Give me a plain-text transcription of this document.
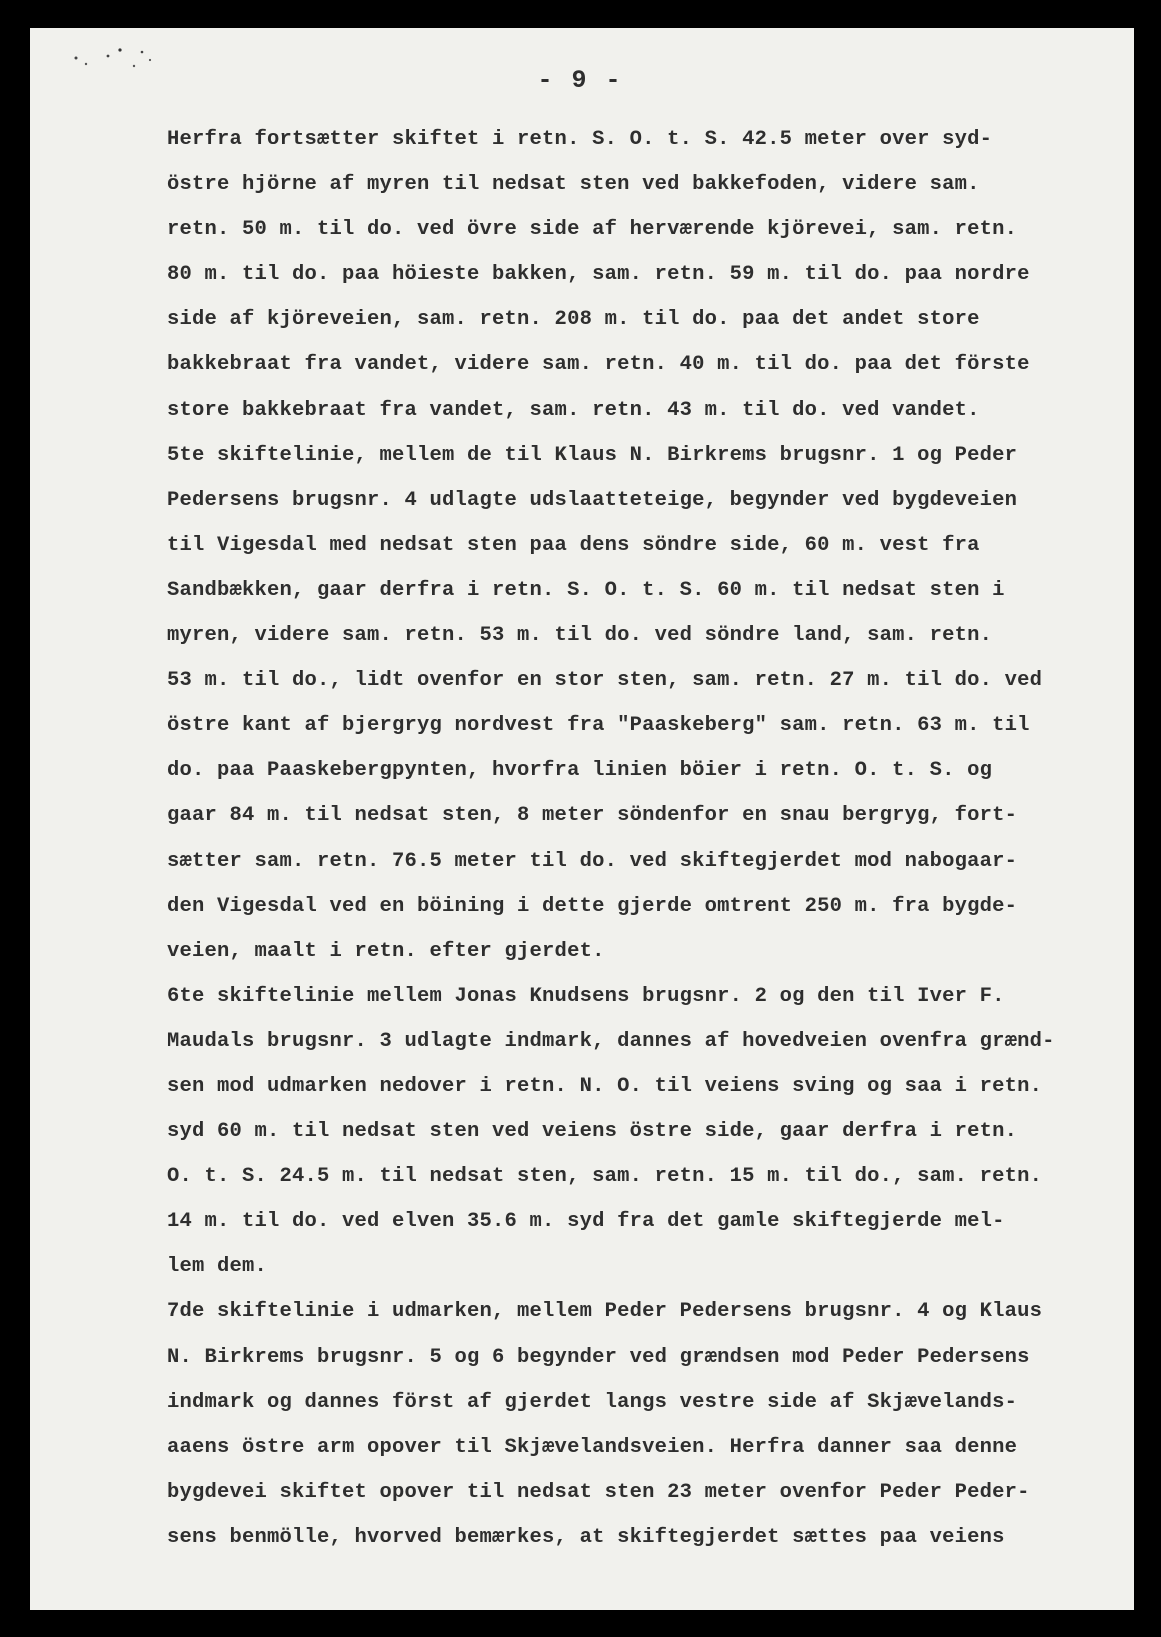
- 9 -
Herfra fortsætter skiftet i retn. S. O. t. S. 42.5 meter over syd-
östre hjörne af myren til nedsat sten ved bakkefoden, videre sam.
retn. 50 m. til do. ved övre side af herværende kjörevei, sam. retn.
80 m. til do. paa höieste bakken, sam. retn. 59 m. til do. paa nordre
side af kjöreveien, sam. retn. 208 m. til do. paa det andet store
bakkebraat fra vandet, videre sam. retn. 40 m. til do. paa det förste
store bakkebraat fra vandet, sam. retn. 43 m. til do. ved vandet.
5te skiftelinie, mellem de til Klaus N. Birkrems brugsnr. 1 og Peder
Pedersens brugsnr. 4 udlagte udslaatteteige, begynder ved bygdeveien
til Vigesdal med nedsat sten paa dens söndre side, 60 m. vest fra
Sandbækken, gaar derfra i retn. S. O. t. S. 60 m. til nedsat sten i
myren, videre sam. retn. 53 m. til do. ved söndre land, sam. retn.
53 m. til do., lidt ovenfor en stor sten, sam. retn. 27 m. til do. ved
östre kant af bjergryg nordvest fra "Paaskeberg" sam. retn. 63 m. til
do. paa Paaskebergpynten, hvorfra linien böier i retn. O. t. S. og
gaar 84 m. til nedsat sten, 8 meter söndenfor en snau bergryg, fort-
sætter sam. retn. 76.5 meter til do. ved skiftegjerdet mod nabogaar-
den Vigesdal ved en böining i dette gjerde omtrent 250 m. fra bygde-
veien, maalt i retn. efter gjerdet.
6te skiftelinie mellem Jonas Knudsens brugsnr. 2 og den til Iver F.
Maudals brugsnr. 3 udlagte indmark, dannes af hovedveien ovenfra grænd-
sen mod udmarken nedover i retn. N. O. til veiens sving og saa i retn.
syd 60 m. til nedsat sten ved veiens östre side, gaar derfra i retn.
O. t. S. 24.5 m. til nedsat sten, sam. retn. 15 m. til do., sam. retn.
14 m. til do. ved elven 35.6 m. syd fra det gamle skiftegjerde mel-
lem dem.
7de skiftelinie i udmarken, mellem Peder Pedersens brugsnr. 4 og Klaus
N. Birkrems brugsnr. 5 og 6 begynder ved grændsen mod Peder Pedersens
indmark og dannes först af gjerdet langs vestre side af Skjævelands-
aaens östre arm opover til Skjævelandsveien. Herfra danner saa denne
bygdevei skiftet opover til nedsat sten 23 meter ovenfor Peder Peder-
sens benmölle, hvorved bemærkes, at skiftegjerdet sættes paa veiens
